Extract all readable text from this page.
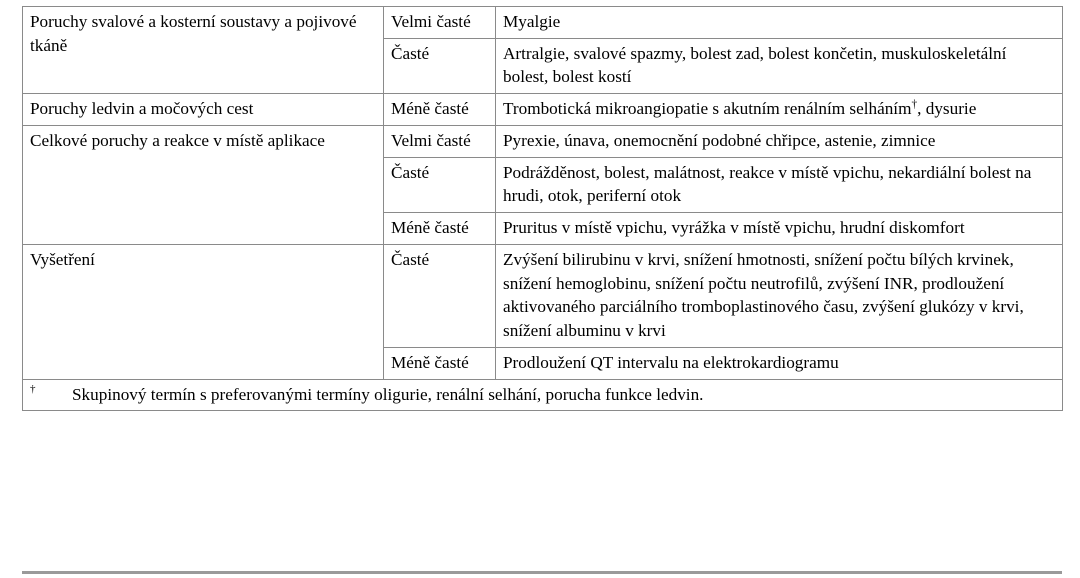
Poruchy svalové a kosterní soustavy a pojivové tkáně	Velmi časté	Myalgie
	Časté	Artralgie, svalové spazmy, bolest zad, bolest končetin, muskuloskeletální bolest, bolest kostí
Poruchy ledvin a močových cest	Méně časté	Trombotická mikroangiopatie s akutním renálním selháním†, dysurie
Celkové poruchy a reakce v místě aplikace	Velmi časté	Pyrexie, únava, onemocnění podobné chřipce, astenie, zimnice
	Časté	Podrážděnost, bolest, malátnost, reakce v místě vpichu, nekardiální bolest na hrudi, otok, periferní otok
	Méně časté	Pruritus v místě vpichu, vyrážka v místě vpichu, hrudní diskomfort
Vyšetření	Časté	Zvýšení bilirubinu v krvi, snížení hmotnosti, snížení počtu bílých krvinek, snížení hemoglobinu, snížení počtu neutrofilů, zvýšení INR, prodloužení aktivovaného parciálního tromboplastinového času, zvýšení glukózy v krvi, snížení albuminu v krvi
	Méně časté	Prodloužení QT intervalu na elektrokardiogramu

† Skupinový termín s preferovanými termíny oligurie, renální selhání, porucha funkce ledvin.		
